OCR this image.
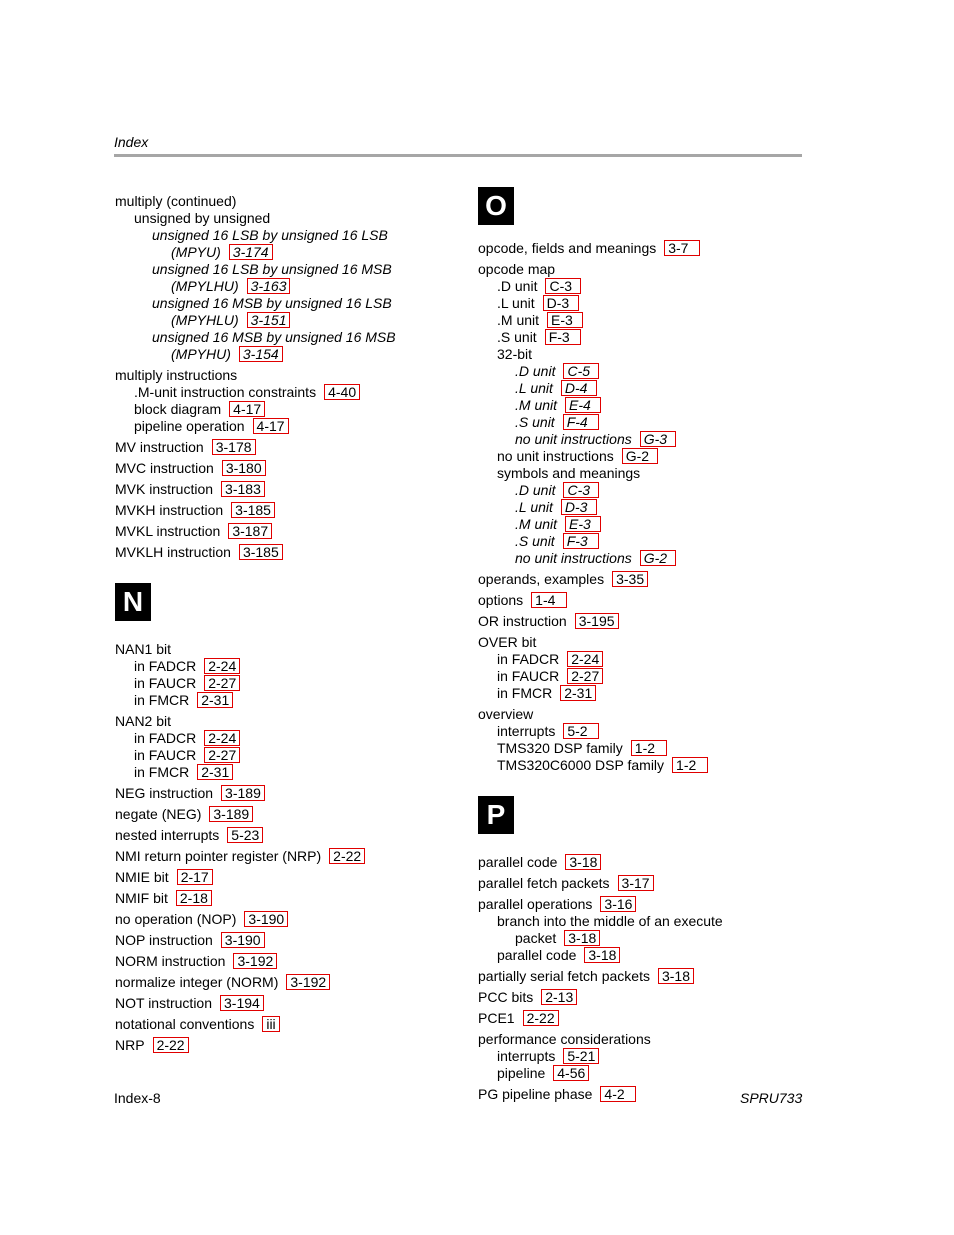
Index
multiply (continued)
unsigned by unsigned
unsigned 16 LSB by unsigned 16 LSB
(MPYU) 3-174
unsigned 16 LSB by unsigned 16 MSB
(MPYLHU) 3-163
unsigned 16 MSB by unsigned 16 LSB
(MPYHLU) 3-151
unsigned 16 MSB by unsigned 16 MSB
(MPYHU) 3-154
multiply instructions
.M-unit instruction constraints 4-40
block diagram 4-17
pipeline operation 4-17
MV instruction 3-178
MVC instruction 3-180
MVK instruction 3-183
MVKH instruction 3-185
MVKL instruction 3-187
MVKLH instruction 3-185
N
NAN1 bit
in FADCR 2-24
in FAUCR 2-27
in FMCR 2-31
NAN2 bit
in FADCR 2-24
in FAUCR 2-27
in FMCR 2-31
NEG instruction 3-189
negate (NEG) 3-189
nested interrupts 5-23
NMI return pointer register (NRP) 2-22
NMIE bit 2-17
NMIF bit 2-18
no operation (NOP) 3-190
NOP instruction 3-190
NORM instruction 3-192
normalize integer (NORM) 3-192
NOT instruction 3-194
notational conventions iii
NRP 2-22
O
opcode, fields and meanings 3-7
opcode map
.D unit C-3
.L unit D-3
.M unit E-3
.S unit F-3
32-bit
.D unit C-5
.L unit D-4
.M unit E-4
.S unit F-4
no unit instructions G-3
no unit instructions G-2
symbols and meanings
.D unit C-3
.L unit D-3
.M unit E-3
.S unit F-3
no unit instructions G-2
operands, examples 3-35
options 1-4
OR instruction 3-195
OVER bit
in FADCR 2-24
in FAUCR 2-27
in FMCR 2-31
overview
interrupts 5-2
TMS320 DSP family 1-2
TMS320C6000 DSP family 1-2
P
parallel code 3-18
parallel fetch packets 3-17
parallel operations 3-16
branch into the middle of an execute
packet 3-18
parallel code 3-18
partially serial fetch packets 3-18
PCC bits 2-13
PCE1 2-22
performance considerations
interrupts 5-21
pipeline 4-56
PG pipeline phase 4-2
Index-8	SPRU733
